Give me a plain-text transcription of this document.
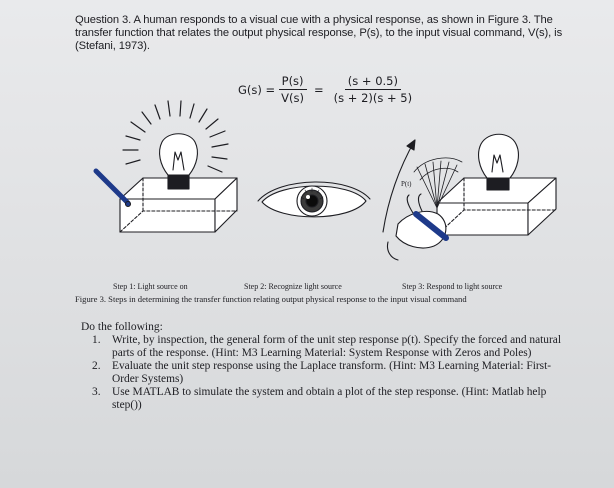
Question 3. A human responds to a visual cue with a physical response, as shown in Figure 3. The transfer function that relates the output physical response, P(s), to the input visual command, V(s), is (Stefani, 1973).

$G(s) = \frac{P(s)}{V(s)} = \frac{(s + 0.5)}{(s + 2)(s + 5)}$
P(t)
Step 1: Light source on	Step 2: Recognize light source	Step 3: Respond to light source
Figure 3. Steps in determining the transfer function relating output physical response to the input visual command
Do the following:
1.	Write, by inspection, the general form of the unit step response p(t). Specify the forced and natural parts of the response. (Hint: M3 Learning Material: System Response with Zeros and Poles)
2.	Evaluate the unit step response using the Laplace transform. (Hint: M3 Learning Material: First-Order Systems)
3.	Use MATLAB to simulate the system and obtain a plot of the step response. (Hint: Matlab help step())
